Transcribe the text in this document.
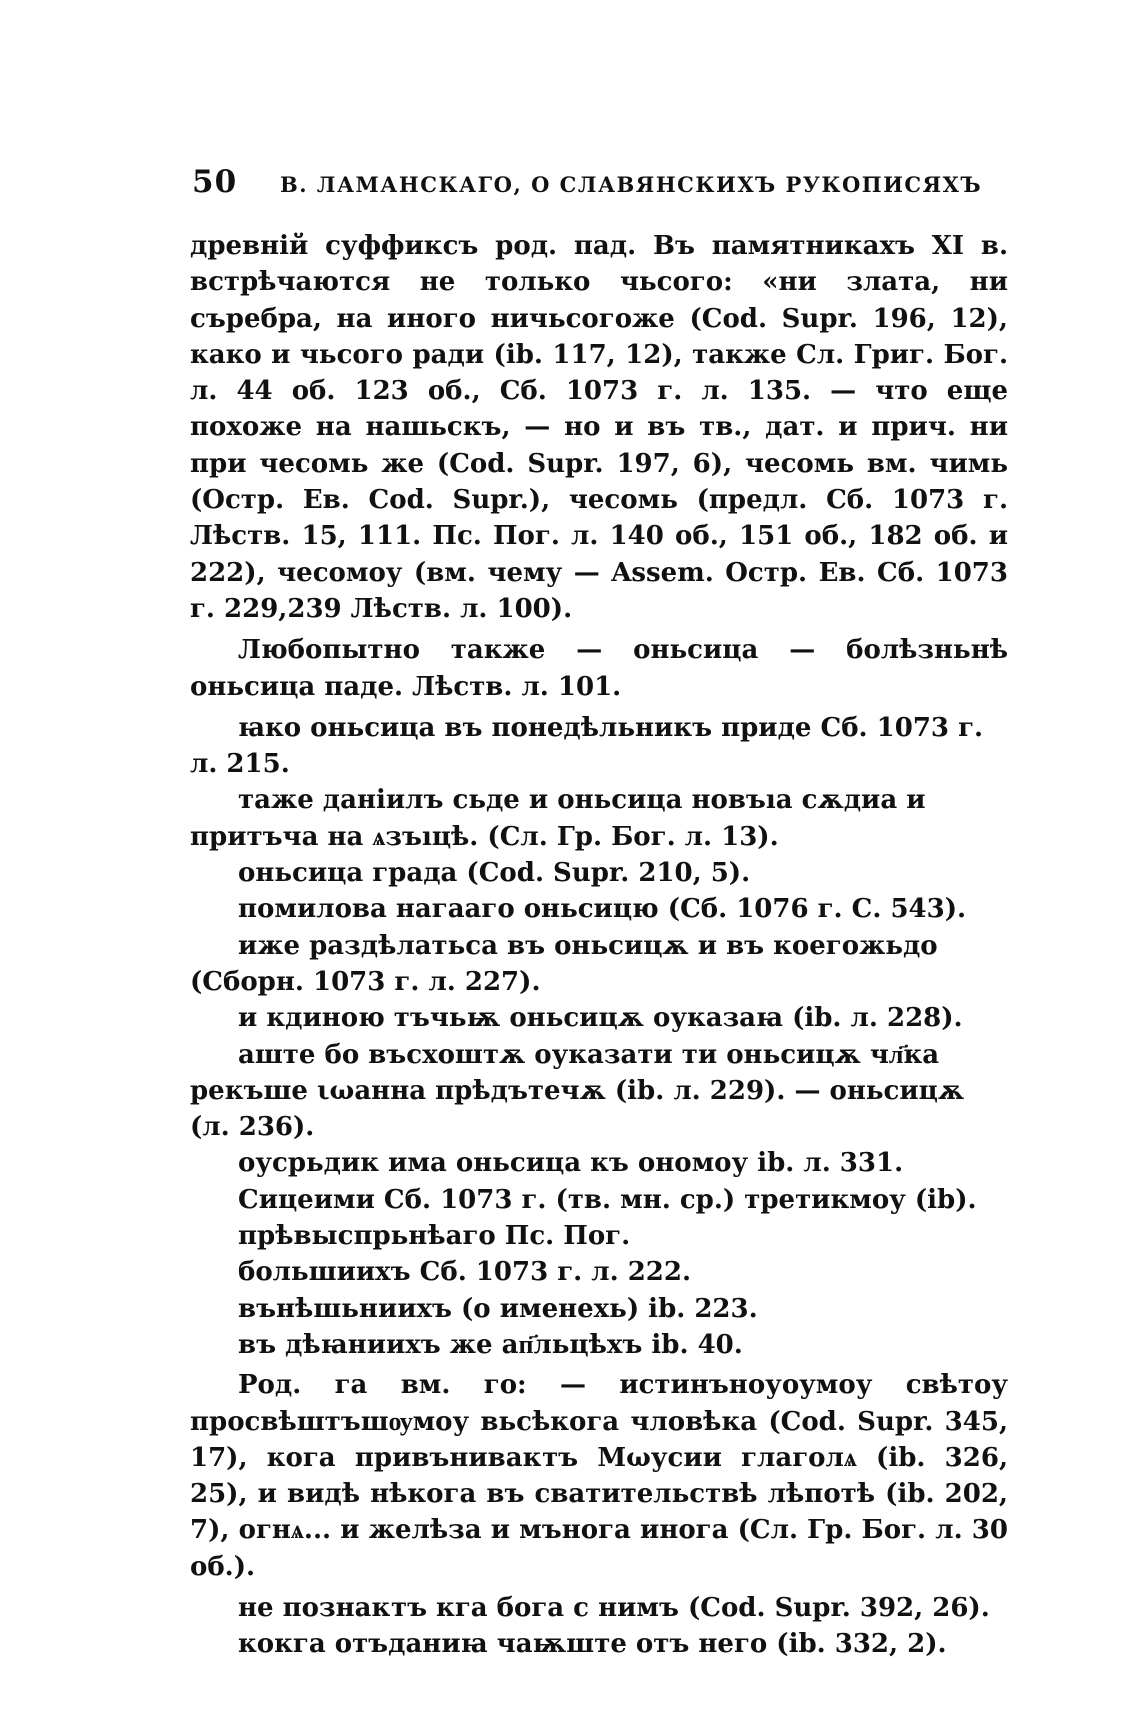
50 В. ЛАМАНСКАГО, О СЛАВЯНСКИХЪ РУКОПИСЯХЪ

древній суффиксъ род. пад. Въ памятникахъ XI в. встрѣчаются не только чьсого: «ни злата, ни съребра, на иного ничьсогоже (Cod. Supr. 196, 12), како и чьсого ради (ib. 117, 12), также Сл. Григ. Бог. л. 44 об. 123 об., Сб. 1073 г. л. 135. — что еще похоже на нашьскъ, — но и въ тв., дат. и прич. ни при чесомь же (Cod. Supr. 197, 6), чесомь вм. чимь (Остр. Ев. Cod. Supr.), чесомь (предл. Сб. 1073 г. Лѣств. 15, 111. Пс. Пог. л. 140 об., 151 об., 182 об. и 222), чесомоу (вм. чему — Assem. Остр. Ев. Сб. 1073 г. 229,239 Лѣств. л. 100).

Любопытно также — оньсица — болѣзньнѣ оньсица паде. Лѣств. л. 101.

ꙗко оньсица въ понедѣльникъ приде Сб. 1073 г. л. 215.

таже даніилъ сьде и оньсица новъıа сѫдиа и притъча на ѧзъıцѣ. (Сл. Гр. Бог. л. 13).

оньсица града (Cod. Supr. 210, 5).

помилова нагааго оньсицю (Сб. 1076 г. С. 543).

иже раздѣлатьса въ оньсицѫ и въ коегожьдо (Сборн. 1073 г. л. 227).

и кдиною тъчьѭ оньсицѫ оуказаꙗ (ib. л. 228).

аште бо въсхоштѫ оуказати ти оньсицѫ чл҃ка рекъше ιωанна прѣдътечѫ (ib. л. 229). — оньсицѫ (л. 236).

оусрьдик има оньсица къ ономоу ib. л. 331.

Сицеими Сб. 1073 г. (тв. мн. ср.) третикмоу (ib).

прѣвыспрьнѣаго Пс. Пог.

большиихъ Сб. 1073 г. л. 222.

вънѣшьниихъ (о именехь) ib. 223.

въ дѣꙗниихъ же ап҃льцѣхъ ib. 40.

Род. га вм. го: — истинъноуоумоу свѣтоу просвѣштъшѹмоу вьсѣкога чловѣка (Cod. Supr. 345, 17), кога привъниваκтъ Мωусии глаголѧ (ib. 326, 25), и видѣ нѣкога въ сватительствѣ лѣпотѣ (ib. 202, 7), огнѧ... и желѣза и мънога инога (Сл. Гр. Бог. л. 30 об.).

не познаκтъ кга бога с нимъ (Cod. Supr. 392, 26).

кокга отъданиꙗ чаѭште отъ него (ib. 332, 2).
